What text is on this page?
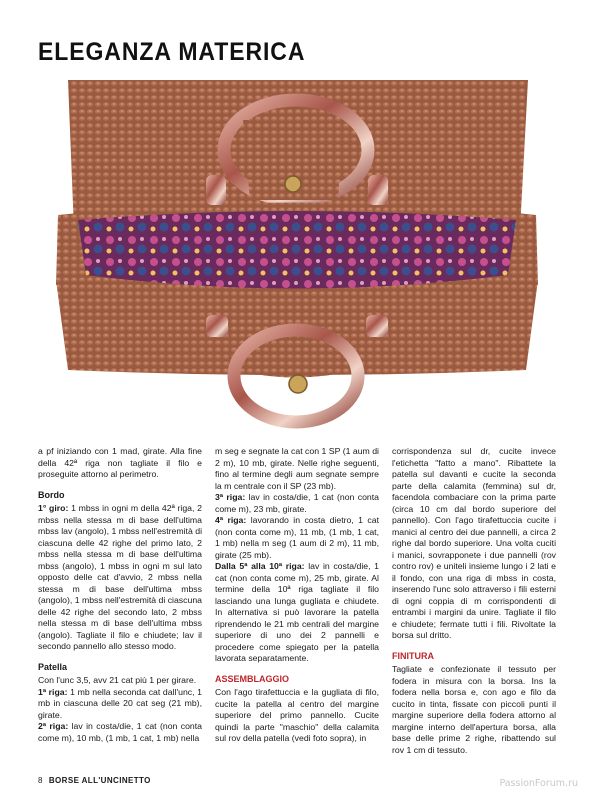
ELEGANZA MATERICA

a pf iniziando con 1 mad, girate. Alla fine della 42ª riga non tagliate il filo e proseguite attorno al perimetro.

Bordo

1° giro: 1 mbss in ogni m della 42ª riga, 2 mbss nella stessa m di base dell'ultima mbss lav (angolo), 1 mbss nell'estremità di ciascuna delle 42 righe del primo lato, 2 mbss nella stessa m di base dell'ultima mbss (angolo), 1 mbss in ogni m sul lato opposto delle cat d'avvio, 2 mbss nella stessa m di base dell'ultima mbss (angolo), 1 mbss nell'estremità di ciascuna delle 42 righe del secondo lato, 2 mbss nella stessa m di base dell'ultima mbss (angolo). Tagliate il filo e chiudete; lav il secondo pannello allo stesso modo.

Patella

Con l'unc 3,5, avv 21 cat più 1 per girare.

1ª riga: 1 mb nella seconda cat dall'unc, 1 mb in ciascuna delle 20 cat seg (21 mb), girate.

2ª riga: lav in costa/die, 1 cat (non conta come m), 10 mb, (1 mb, 1 cat, 1 mb) nella

m seg e segnate la cat con 1 SP (1 aum di 2 m), 10 mb, girate. Nelle righe seguenti, fino al termine degli aum segnate sempre la m centrale con il SP (23 mb).

3ª riga: lav in costa/die, 1 cat (non conta come m), 23 mb, girate.

4ª riga: lavorando in costa dietro, 1 cat (non conta come m), 11 mb, (1 mb, 1 cat, 1 mb) nella m seg (1 aum di 2 m), 11 mb, girate (25 mb).

Dalla 5ª alla 10ª riga: lav in costa/die, 1 cat (non conta come m), 25 mb, girate. Al termine della 10ª riga tagliate il filo lasciando una lunga gugliata e chiudete. In alternativa si può lavorare la patella riprendendo le 21 mb centrali del margine superiore di uno dei 2 pannelli e procedere come spiegato per la patella lavorata separatamente.

ASSEMBLAGGIO

Con l'ago tirafettuccia e la gugliata di filo, cucite la patella al centro del margine superiore del primo pannello. Cucite quindi la parte "maschio" della calamita sul rov della patella (vedi foto sopra), in

corrispondenza sul dr, cucite invece l'etichetta "fatto a mano". Ribattete la patella sul davanti e cucite la seconda parte della calamita (femmina) sul dr, facendola combaciare con la prima parte (circa 10 cm dal bordo superiore del pannello). Con l'ago tirafettuccia cucite i manici al centro dei due pannelli, a circa 2 righe dal bordo superiore. Una volta cuciti i manici, sovrapponete i due pannelli (rov contro rov) e uniteli insieme lungo i 2 lati e il fondo, con una riga di mbss in costa, inserendo l'unc solo attraverso i fili esterni di ogni coppia di m corrispondenti di entrambi i margini da unire. Tagliate il filo e chiudete; fermate tutti i fili. Rivoltate la borsa sul dritto.

FINITURA

Tagliate e confezionate il tessuto per fodera in misura con la borsa. Ins la fodera nella borsa e, con ago e filo da cucito in tinta, fissate con piccoli punti il margine superiore della fodera attorno al margine interno dell'apertura borsa, alla base delle prime 2 righe, ribattendo sul rov 1 cm di tessuto.

8 BORSE ALL'UNCINETTO	PassionForum.ru
